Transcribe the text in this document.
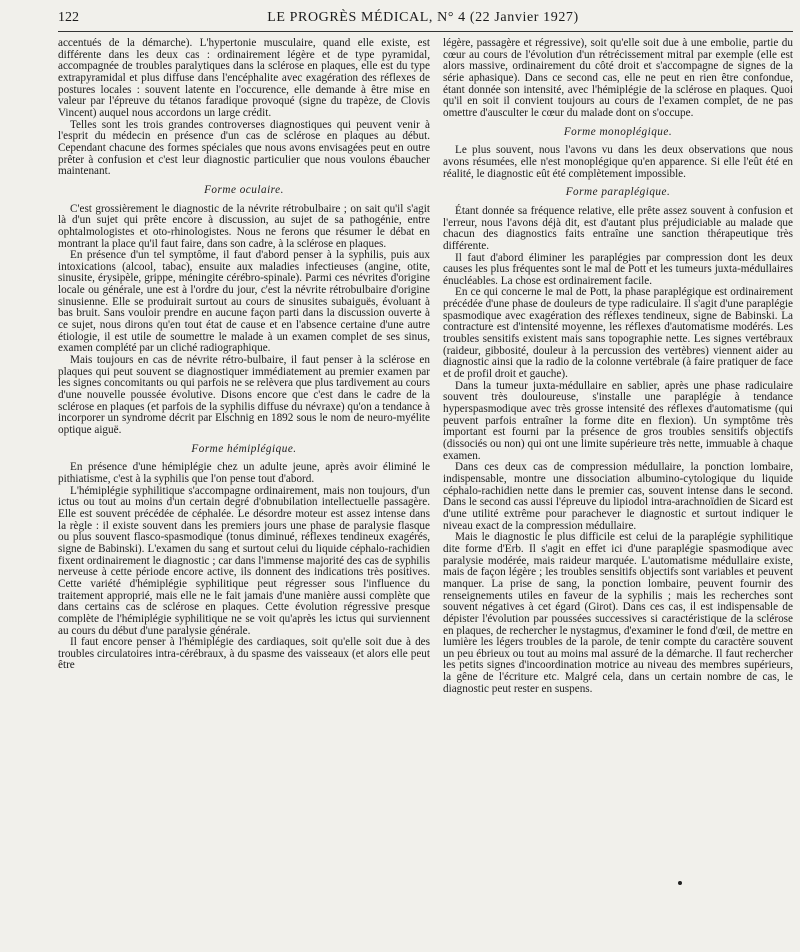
122	LE PROGRÈS MÉDICAL, N° 4 (22 Janvier 1927)

accentués de la démarche). L'hypertonie musculaire, quand elle existe, est différente dans les deux cas : ordinairement légère et de type pyramidal, accompagnée de troubles paralytiques dans la sclérose en plaques, elle est du type extrapyramidal et plus diffuse dans l'encéphalite avec exagération des réflexes de postures locales : souvent latente en l'occurence, elle demande à être mise en valeur par l'épreuve du tétanos faradique provoqué (signe du trapèze, de Clovis Vincent) auquel nous accordons un large crédit.

Telles sont les trois grandes controverses diagnostiques qui peuvent venir à l'esprit du médecin en présence d'un cas de sclérose en plaques au début. Cependant chacune des formes spéciales que nous avons envisagées peut en outre prêter à confusion et c'est leur diagnostic particulier que nous voulons ébaucher maintenant.

Forme oculaire.

C'est grossièrement le diagnostic de la névrite rétrobulbaire ; on sait qu'il s'agit là d'un sujet qui prête encore à discussion, au sujet de sa pathogénie, entre ophtalmologistes et oto-rhinologistes. Nous ne ferons que résumer le débat en montrant la place qu'il faut faire, dans son cadre, à la sclérose en plaques.

En présence d'un tel symptôme, il faut d'abord penser à la syphilis, puis aux intoxications (alcool, tabac), ensuite aux maladies infectieuses (angine, otite, sinusite, érysipèle, grippe, méningite cérébro-spinale). Parmi ces névrites d'origine locale ou générale, une est à l'ordre du jour, c'est la névrite rétrobulbaire d'origine sinusienne. Elle se produirait surtout au cours de sinusites subaiguës, évoluant à bas bruit. Sans vouloir prendre en aucune façon parti dans la discussion ouverte à ce sujet, nous dirons qu'en tout état de cause et en l'absence certaine d'une autre étiologie, il est utile de soumettre le malade à un examen complet de ses sinus, examen complété par un cliché radiographique.

Mais toujours en cas de névrite rétro-bulbaire, il faut penser à la sclérose en plaques qui peut souvent se diagnostiquer immédiatement au premier examen par les signes concomitants ou qui parfois ne se relèvera que plus tardivement au cours d'une nouvelle poussée évolutive. Disons encore que c'est dans le cadre de la sclérose en plaques (et parfois de la syphilis diffuse du névraxe) qu'on a tendance à incorporer un syndrome décrit par Elschnig en 1892 sous le nom de neuro-myélite optique aiguë.

Forme hémiplégique.

En présence d'une hémiplégie chez un adulte jeune, après avoir éliminé le pithiatisme, c'est à la syphilis que l'on pense tout d'abord.

L'hémiplégie syphilitique s'accompagne ordinairement, mais non toujours, d'un ictus ou tout au moins d'un certain degré d'obnubilation intellectuelle passagère. Elle est souvent précédée de céphalée. Le désordre moteur est assez intense dans la règle : il existe souvent dans les premiers jours une phase de paralysie flasque ou plus souvent flasco-spasmodique (tonus diminué, réflexes tendineux exagérés, signe de Babinski). L'examen du sang et surtout celui du liquide céphalo-rachidien fixent ordinairement le diagnostic ; car dans l'immense majorité des cas de syphilis nerveuse à cette période encore active, ils donnent des indications très positives. Cette variété d'hémiplégie syphilitique peut régresser sous l'influence du traitement approprié, mais elle ne le fait jamais d'une manière aussi complète que dans certains cas de sclérose en plaques. Cette évolution régressive presque complète de l'hémiplégie syphilitique ne se voit qu'après les ictus qui surviennent au cours du début d'une paralysie générale.

Il faut encore penser à l'hémiplégie des cardiaques, soit qu'elle soit due à des troubles circulatoires intra-cérébraux, à du spasme des vaisseaux (et alors elle peut être

légère, passagère et régressive), soit qu'elle soit due à une embolie, partie du cœur au cours de l'évolution d'un rétrécissement mitral par exemple (elle est alors massive, ordinairement du côté droit et s'accompagne de signes de la série aphasique). Dans ce second cas, elle ne peut en rien être confondue, étant donnée son intensité, avec l'hémiplégie de la sclérose en plaques. Quoi qu'il en soit il convient toujours au cours de l'examen complet, de ne pas omettre d'ausculter le cœur du malade dont on s'occupe.

Forme monoplégique.

Le plus souvent, nous l'avons vu dans les deux observations que nous avons résumées, elle n'est monoplégique qu'en apparence. Si elle l'eût été en réalité, le diagnostic eût été complètement impossible.

Forme paraplégique.

Étant donnée sa fréquence relative, elle prête assez souvent à confusion et l'erreur, nous l'avons déjà dit, est d'autant plus préjudiciable au malade que chacun des diagnostics faits entraîne une sanction thérapeutique très différente.

Il faut d'abord éliminer les paraplégies par compression dont les deux causes les plus fréquentes sont le mal de Pott et les tumeurs juxta-médullaires énucléables. La chose est ordinairement facile.

En ce qui concerne le mal de Pott, la phase paraplégique est ordinairement précédée d'une phase de douleurs de type radiculaire. Il s'agit d'une paraplégie spasmodique avec exagération des réflexes tendineux, signe de Babinski. La contracture est d'intensité moyenne, les réflexes d'automatisme modérés. Les troubles sensitifs existent mais sans topographie nette. Les signes vertébraux (raideur, gibbosité, douleur à la percussion des vertèbres) viennent aider au diagnostic ainsi que la radio de la colonne vertébrale (à faire pratiquer de face et de profil droit et gauche).

Dans la tumeur juxta-médullaire en sablier, après une phase radiculaire souvent très douloureuse, s'installe une paraplégie à tendance hyperspasmodique avec très grosse intensité des réflexes d'automatisme (qui peuvent parfois entraîner la forme dite en flexion). Un symptôme très important est fourni par la présence de gros troubles sensitifs objectifs (dissociés ou non) qui ont une limite supérieure très nette, immuable à chaque examen.

Dans ces deux cas de compression médullaire, la ponction lombaire, indispensable, montre une dissociation albumino-cytologique du liquide céphalo-rachidien nette dans le premier cas, souvent intense dans le second. Dans le second cas aussi l'épreuve du lipiodol intra-arachnoïdien de Sicard est d'une utilité extrême pour parachever le diagnostic et surtout indiquer le niveau exact de la compression médullaire.

Mais le diagnostic le plus difficile est celui de la paraplégie syphilitique dite forme d'Erb. Il s'agit en effet ici d'une paraplégie spasmodique avec paralysie modérée, mais raideur marquée. L'automatisme médullaire existe, mais de façon légère ; les troubles sensitifs objectifs sont variables et peuvent manquer. La prise de sang, la ponction lombaire, peuvent fournir des renseignements utiles en faveur de la syphilis ; mais les recherches sont souvent négatives à cet égard (Girot). Dans ces cas, il est indispensable de dépister l'évolution par poussées successives si caractéristique de la sclérose en plaques, de rechercher le nystagmus, d'examiner le fond d'œil, de mettre en lumière les légers troubles de la parole, de tenir compte du caractère souvent un peu ébrieux ou tout au moins mal assuré de la démarche. Il faut rechercher les petits signes d'incoordination motrice au niveau des membres supérieurs, la gêne de l'écriture etc. Malgré cela, dans un certain nombre de cas, le diagnostic peut rester en suspens.
